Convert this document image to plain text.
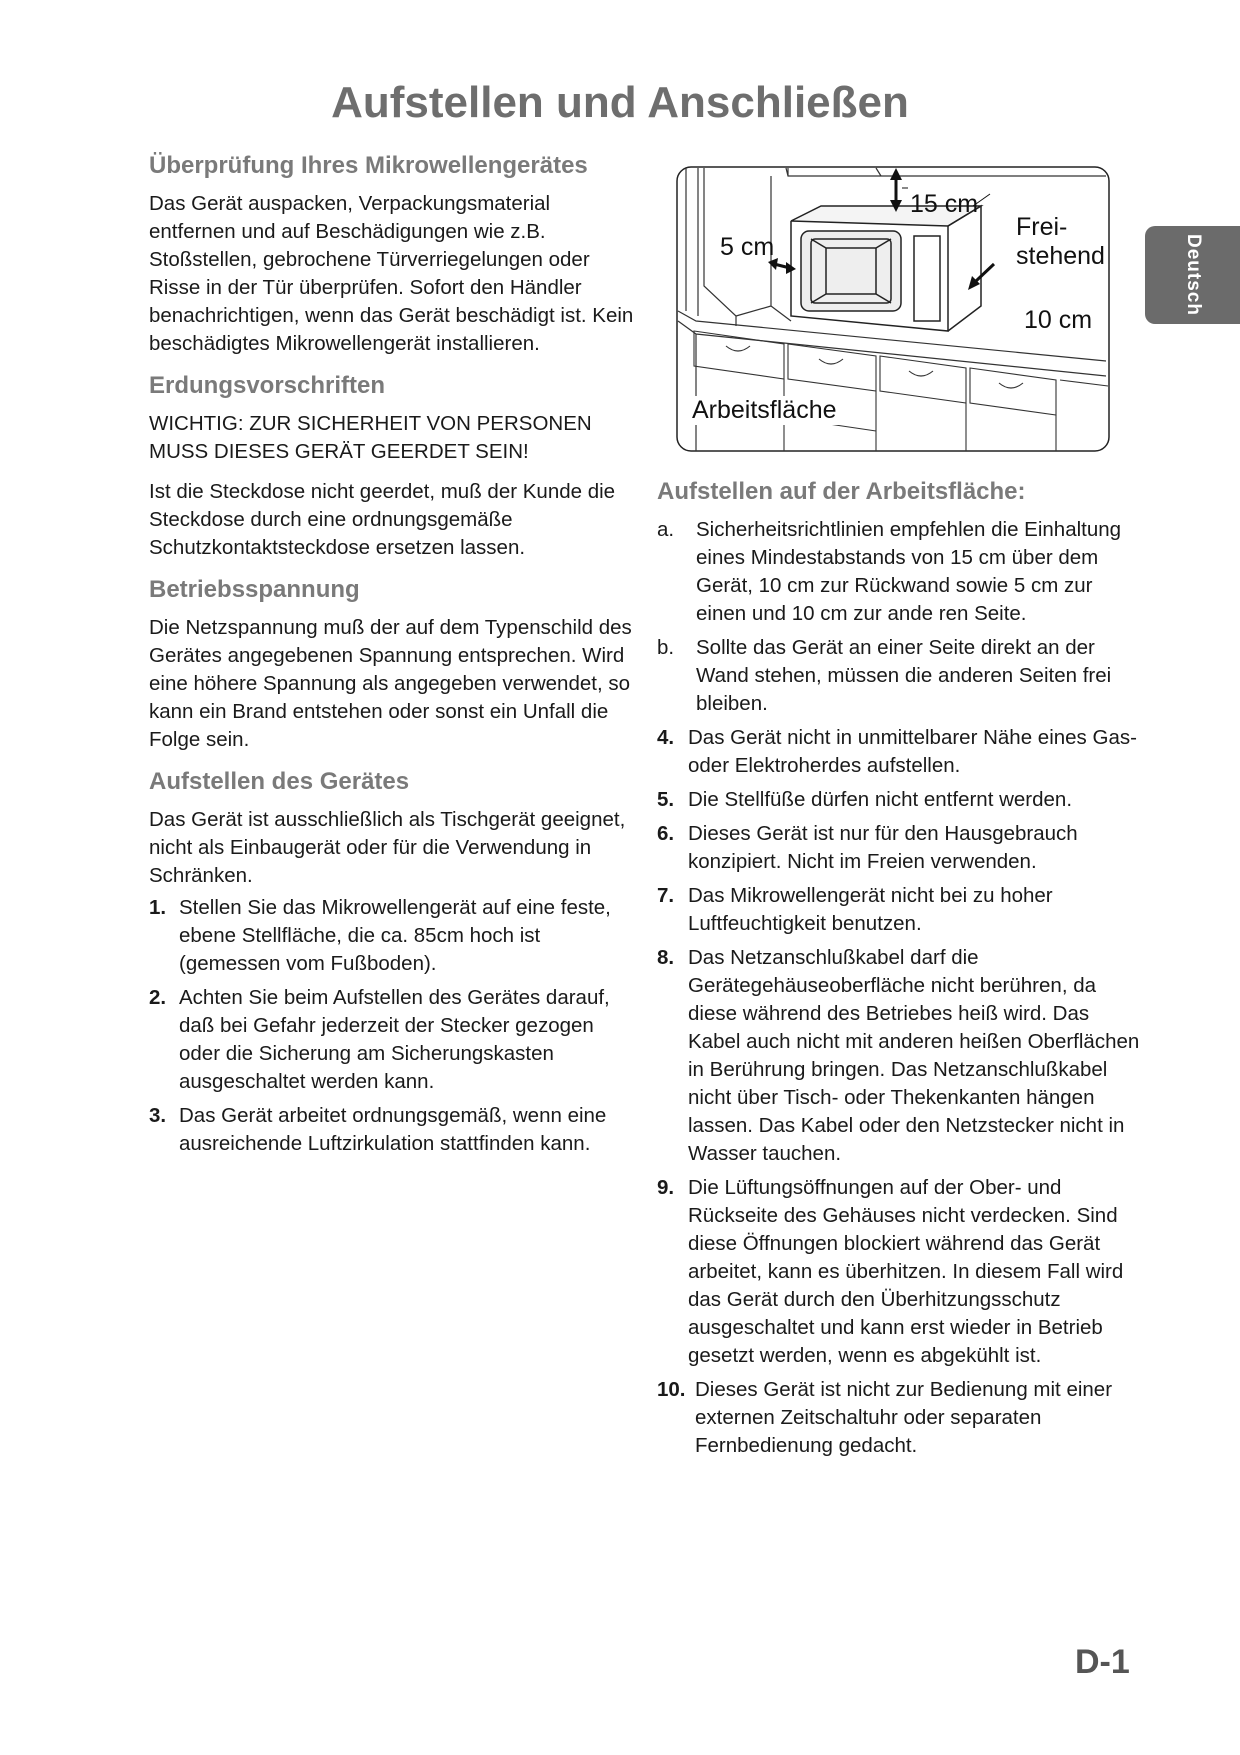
Aufstellen und Anschließen
Überprüfung Ihres Mikrowellengerätes

Das Gerät auspacken, Verpackungsmaterial entfernen und auf Beschädigungen wie z.B. Stoßstellen, gebrochene Türverriegelungen oder Risse in der Tür überprüfen. Sofort den Händler benachrichtigen, wenn das Gerät beschädigt ist. Kein beschädigtes Mikrowellengerät installieren.

Erdungsvorschriften

WICHTIG: ZUR SICHERHEIT VON PERSONEN MUSS DIESES GERÄT GEERDET SEIN!

Ist die Steckdose nicht geerdet, muß der Kunde die Steckdose durch eine ordnungsgemäße Schutzkontaktsteckdose ersetzen lassen.

Betriebsspannung

Die Netzspannung muß der auf dem Typenschild des Gerätes angegebenen Spannung entsprechen. Wird eine höhere Spannung als angegeben verwendet, so kann ein Brand entstehen oder sonst ein Unfall die Folge sein.

Aufstellen des Gerätes

Das Gerät ist ausschließlich als Tischgerät geeignet, nicht als Einbaugerät oder für die Verwendung in Schränken.

1. Stellen Sie das Mikrowellengerät auf eine feste, ebene Stellfläche, die ca. 85cm hoch ist (gemessen vom Fußboden).
2. Achten Sie beim Aufstellen des Gerätes darauf, daß bei Gefahr jederzeit der Stecker gezogen oder die Sicherung am Sicherungskasten ausgeschaltet werden kann.
3. Das Gerät arbeitet ordnungsgemäß, wenn eine ausreichende Luftzirkulation stattfinden kann.
15 cm
5 cm
Frei-
stehend
10 cm
Arbeitsfläche
Aufstellen auf der Arbeitsfläche:
a. Sicherheitsrichtlinien empfehlen die Einhaltung eines Mindestabstands von 15 cm über dem Gerät, 10 cm zur Rückwand sowie 5 cm zur einen und 10 cm zur ande ren Seite.
b. Sollte das Gerät an einer Seite direkt an der Wand stehen, müssen die anderen Seiten frei bleiben.
4. Das Gerät nicht in unmittelbarer Nähe eines Gas- oder Elektroherdes aufstellen.
5. Die Stellfüße dürfen nicht entfernt werden.
6. Dieses Gerät ist nur für den Hausgebrauch konzipiert. Nicht im Freien verwenden.
7. Das Mikrowellengerät nicht bei zu hoher Luftfeuchtigkeit benutzen.
8. Das Netzanschlußkabel darf die Gerätegehäuseoberfläche nicht berühren, da diese während des Betriebes heiß wird. Das Kabel auch nicht mit anderen heißen Oberflächen in Berührung bringen. Das Netzanschlußkabel nicht über Tisch- oder Thekenkanten hängen lassen. Das Kabel oder den Netzstecker nicht in Wasser tauchen.
9. Die Lüftungsöffnungen auf der Ober- und Rückseite des Gehäuses nicht verdecken. Sind diese Öffnungen blockiert während das Gerät arbeitet, kann es überhitzen. In diesem Fall wird das Gerät durch den Überhitzungsschutz ausgeschaltet und kann erst wieder in Betrieb gesetzt werden, wenn es abgekühlt ist.
10. Dieses Gerät ist nicht zur Bedienung mit einer externen Zeitschaltuhr oder separaten Fernbedienung gedacht.
Deutsch
D-1
